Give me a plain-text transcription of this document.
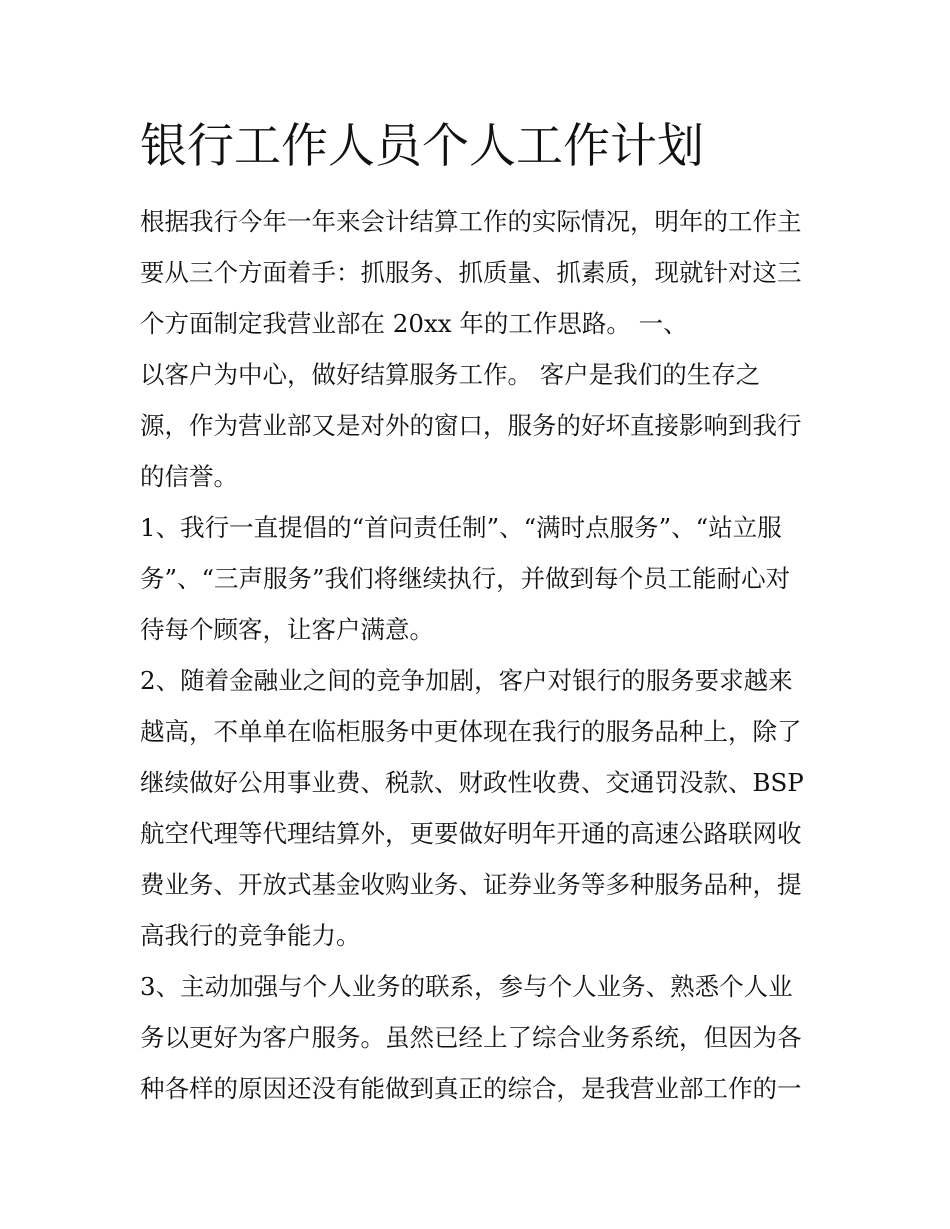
银行工作人员个人工作计划
根据我行今年一年来会计结算工作的实际情况，明年的工作主
要从三个方面着手：抓服务、抓质量、抓素质，现就针对这三
个方面制定我营业部在 20xx 年的工作思路。 一、
以客户为中心，做好结算服务工作。 客户是我们的生存之
源，作为营业部又是对外的窗口，服务的好坏直接影响到我行
的信誉。
1、我行一直提倡的“首问责任制”、“满时点服务”、“站立服
务”、“三声服务”我们将继续执行，并做到每个员工能耐心对
待每个顾客，让客户满意。
2、随着金融业之间的竞争加剧，客户对银行的服务要求越来
越高，不单单在临柜服务中更体现在我行的服务品种上，除了
继续做好公用事业费、税款、财政性收费、交通罚没款、BSP
航空代理等代理结算外，更要做好明年开通的高速公路联网收
费业务、开放式基金收购业务、证券业务等多种服务品种，提
高我行的竞争能力。
3、主动加强与个人业务的联系，参与个人业务、熟悉个人业
务以更好为客户服务。虽然已经上了综合业务系统，但因为各
种各样的原因还没有能做到真正的综合，是我营业部工作的一
